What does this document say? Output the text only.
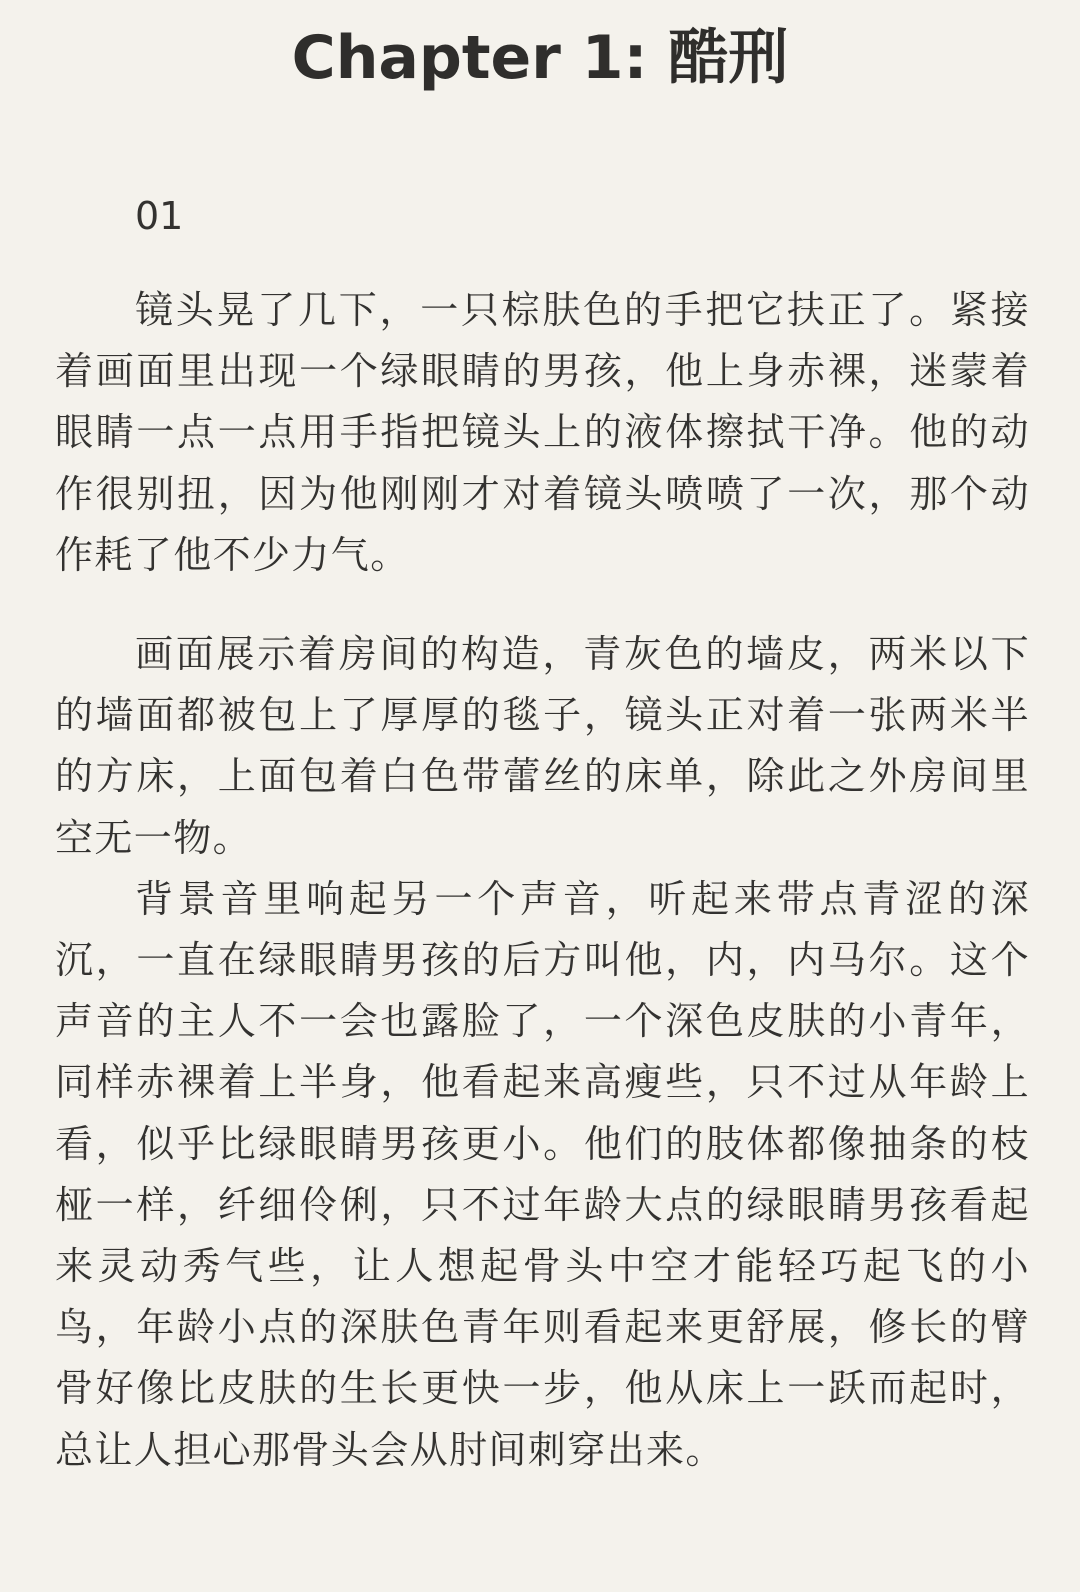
Chapter 1: 酷刑
01

镜头晃了几下，一只棕肤色的手把它扶正了。紧接着画面里出现一个绿眼睛的男孩，他上身赤裸，迷蒙着眼睛一点一点用手指把镜头上的液体擦拭干净。他的动作很别扭，因为他刚刚才对着镜头喷喷了一次，那个动作耗了他不少力气。

画面展示着房间的构造，青灰色的墙皮，两米以下的墙面都被包上了厚厚的毯子，镜头正对着一张两米半的方床，上面包着白色带蕾丝的床单，除此之外房间里空无一物。

背景音里响起另一个声音，听起来带点青涩的深沉，一直在绿眼睛男孩的后方叫他，内，内马尔。这个声音的主人不一会也露脸了，一个深色皮肤的小青年，同样赤裸着上半身，他看起来高瘦些，只不过从年龄上看，似乎比绿眼睛男孩更小。他们的肢体都像抽条的枝桠一样，纤细伶俐，只不过年龄大点的绿眼睛男孩看起来灵动秀气些，让人想起骨头中空才能轻巧起飞的小鸟，年龄小点的深肤色青年则看起来更舒展，修长的臂骨好像比皮肤的生长更快一步，他从床上一跃而起时，总让人担心那骨头会从肘间刺穿出来。
